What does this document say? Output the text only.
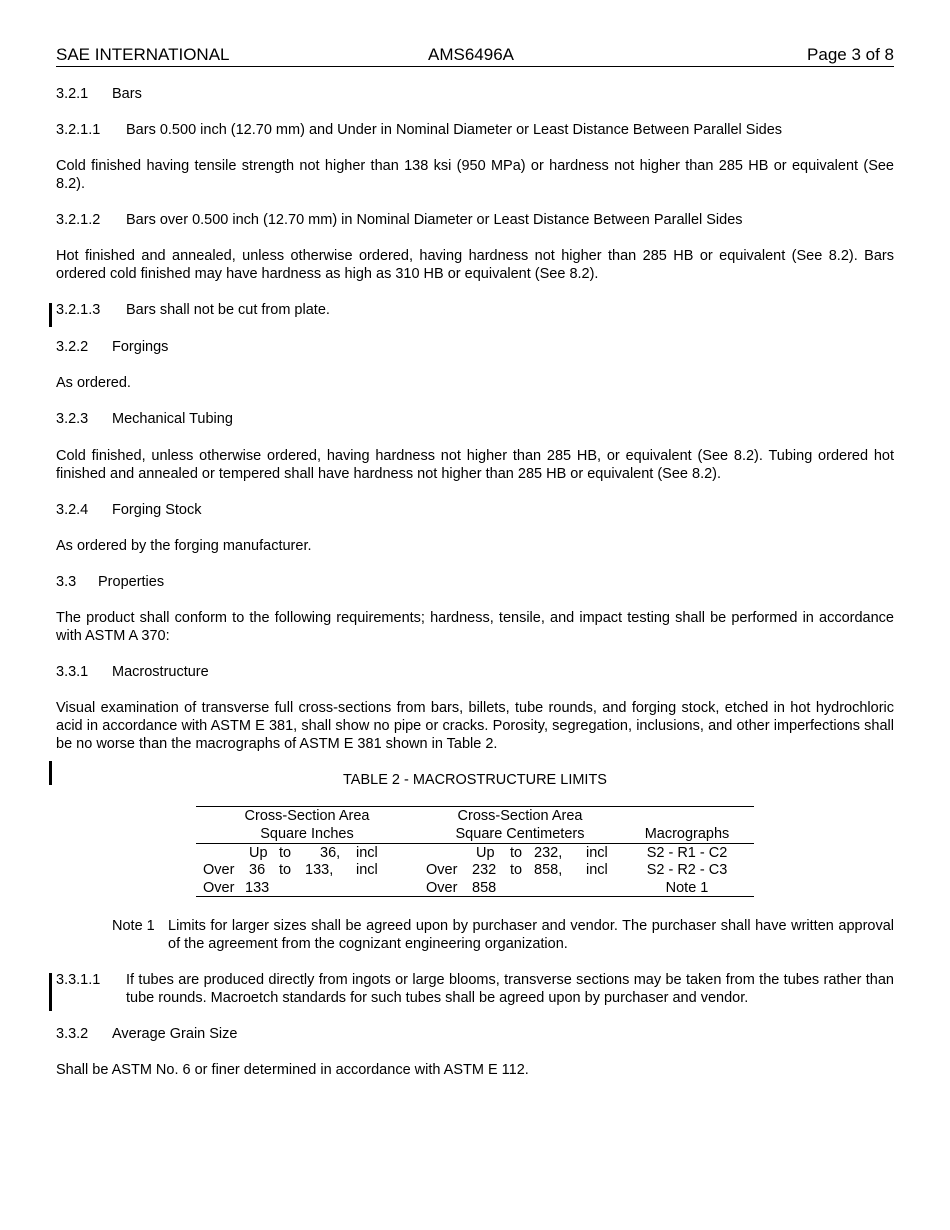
SAE INTERNATIONAL	AMS6496A	Page 3 of 8
3.2.1 Bars
3.2.1.1 Bars 0.500 inch (12.70 mm) and Under in Nominal Diameter or Least Distance Between Parallel Sides
Cold finished having tensile strength not higher than 138 ksi (950 MPa) or hardness not higher than 285 HB or equivalent (See 8.2).
3.2.1.2 Bars over 0.500 inch (12.70 mm) in Nominal Diameter or Least Distance Between Parallel Sides
Hot finished and annealed, unless otherwise ordered, having hardness not higher than 285 HB or equivalent (See 8.2). Bars ordered cold finished may have hardness as high as 310 HB or equivalent (See 8.2).
3.2.1.3 Bars shall not be cut from plate.
3.2.2 Forgings
As ordered.
3.2.3 Mechanical Tubing
Cold finished, unless otherwise ordered, having hardness not higher than 285 HB, or equivalent (See 8.2). Tubing ordered hot finished and annealed or tempered shall have hardness not higher than 285 HB or equivalent (See 8.2).
3.2.4 Forging Stock
As ordered by the forging manufacturer.
3.3 Properties
The product shall conform to the following requirements; hardness, tensile, and impact testing shall be performed in accordance with ASTM A 370:
3.3.1 Macrostructure
Visual examination of transverse full cross-sections from bars, billets, tube rounds, and forging stock, etched in hot hydrochloric acid in accordance with ASTM E 381, shall show no pipe or cracks. Porosity, segregation, inclusions, and other imperfections shall be no worse than the macrographs of ASTM E 381 shown in Table 2.
TABLE 2 - MACROSTRUCTURE LIMITS
Cross-Section Area
Square Inches
Cross-Section Area
Square Centimeters	Macrographs
Up to 36, incl	Up to 232, incl	S2 - R1 - C2
Over 36 to 133, incl	Over 232 to 858, incl	S2 - R2 - C3
Over 133	Over 858	Note 1
Note 1 Limits for larger sizes shall be agreed upon by purchaser and vendor. The purchaser shall have written approval of the agreement from the cognizant engineering organization.
3.3.1.1 If tubes are produced directly from ingots or large blooms, transverse sections may be taken from the tubes rather than tube rounds. Macroetch standards for such tubes shall be agreed upon by purchaser and vendor.
3.3.2 Average Grain Size
Shall be ASTM No. 6 or finer determined in accordance with ASTM E 112.
